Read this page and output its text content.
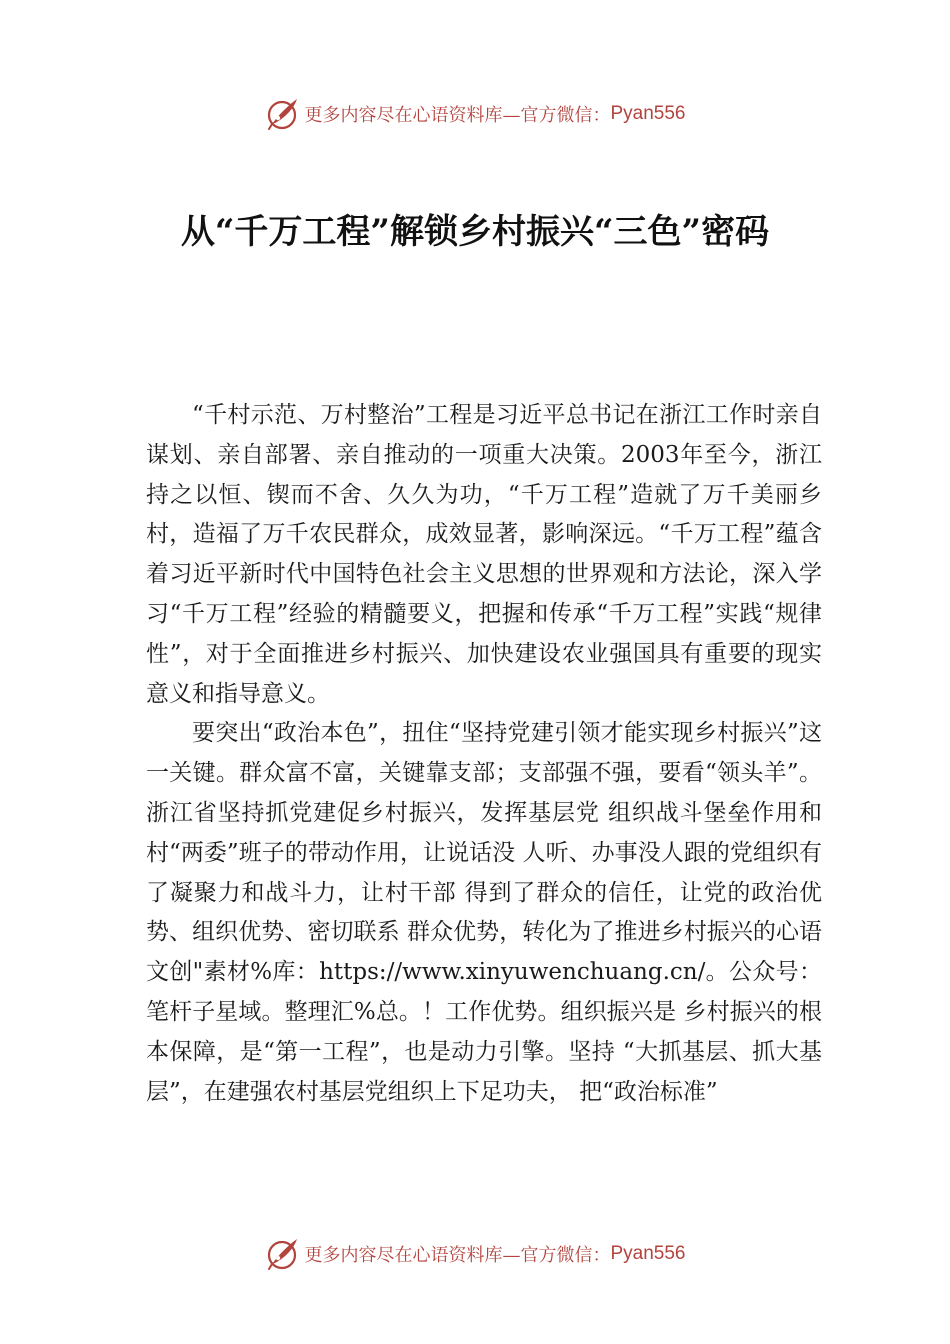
更多内容尽在心语资料库—官方微信： Pyan556
从“千万工程”解锁乡村振兴“三色”密码

“千村示范、万村整治”工程是习近平总书记在浙江工作时亲自谋划、亲自部署、亲自推动的一项重大决策。2003年至今，浙江持之以恒、锲而不舍、久久为功，“千万工程”造就了万千美丽乡村，造福了万千农民群众，成效显著，影响深远。“千万工程”蕴含着习近平新时代中国特色社会主义思想的世界观和方法论，深入学习“千万工程”经验的精髓要义，把握和传承“千万工程”实践“规律性”，对于全面推进乡村振兴、加快建设农业强国具有重要的现实意义和指导意义。

要突出“政治本色”，扭住“坚持党建引领才能实现乡村振兴”这一关键。群众富不富，关键靠支部；支部强不强，要看“领头羊”。浙江省坚持抓党建促乡村振兴，发挥基层党 组织战斗堡垒作用和村“两委”班子的带动作用，让说话没 人听、办事没人跟的党组织有了凝聚力和战斗力，让村干部 得到了群众的信任，让党的政治优势、组织优势、密切联系 群众优势，转化为了推进乡村振兴的心语文创"素材%库：https://www.xinyuwenchuang.cn/。公众号：笔杆子星域。整理汇%总。！工作优势。组织振兴是 乡村振兴的根本保障，是“第一工程”，也是动力引擎。坚持 “大抓基层、抓大基层”，在建强农村基层党组织上下足功夫， 把“政治标准”

更多内容尽在心语资料库—官方微信： Pyan556
